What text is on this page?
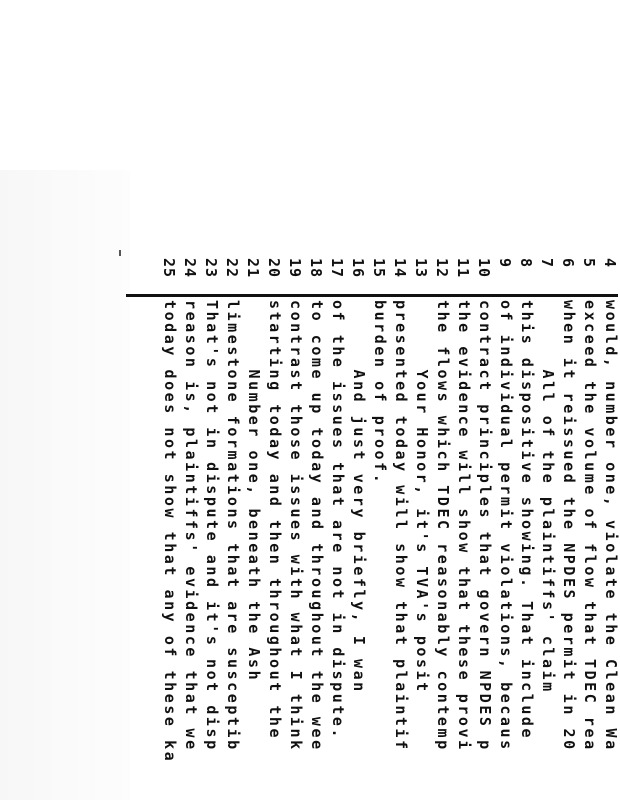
4
would, number one, violate the Clean Wa
5
exceed the volume of flow that TDEC rea
6
when it reissued the NPDES permit in 20
7
All of the plaintiffs' claim
8
this dispositive showing. That include
9
of individual permit violations, becaus
10
contract principles that govern NPDES p
11
the evidence will show that these provi
12
the flows which TDEC reasonably contemp
13
Your Honor, it's TVA's posit
14
presented today will show that plaintif
15
burden of proof.
16
And just very briefly, I wan
17
of the issues that are not in dispute.
18
to come up today and throughout the wee
19
contrast those issues with what I think
20
starting today and then throughout the
21
Number one, beneath the Ash
22
limestone formations that are susceptib
23
That's not in dispute and it's not disp
24
reason is, plaintiffs' evidence that we
25
today does not show that any of these ka
